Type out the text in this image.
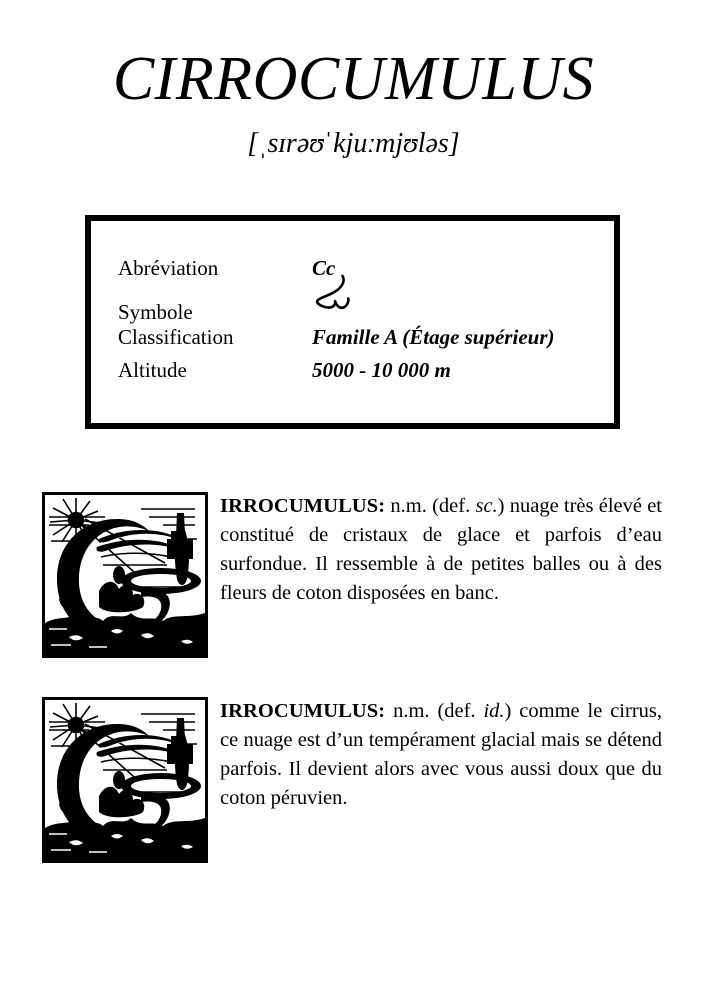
CIRROCUMULUS
[ˌsɪrəʊˈkjuːmjʊləs]
Abréviation	Cc
Symbole	

Classification	Famille A (Étage supérieur)
Altitude	5000 - 10 000 m
IRROCUMULUS: n.m. (def. sc.) nuage très élevé et constitué de cristaux de glace et parfois d’eau surfondue. Il ressemble à de petites balles ou à des fleurs de coton disposées en banc.
IRROCUMULUS: n.m. (def. id.) comme le cirrus, ce nuage est d’un tempérament glacial mais se détend parfois. Il devient alors avec vous aussi doux que du coton péruvien.
